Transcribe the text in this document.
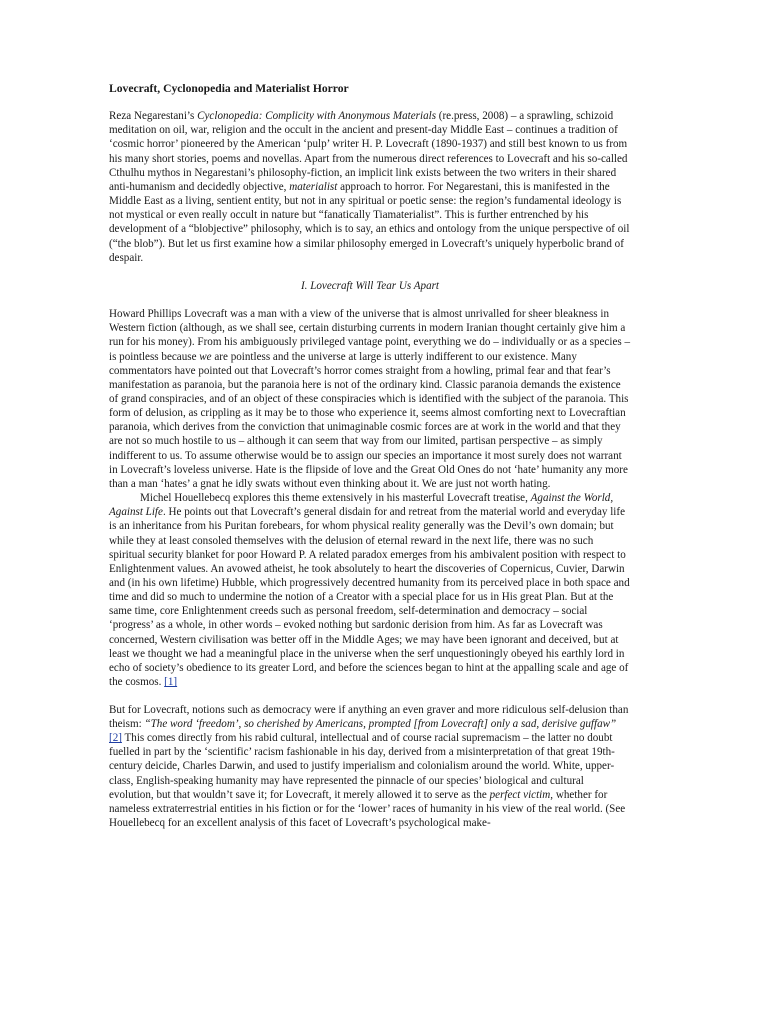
Lovecraft, Cyclonopedia and Materialist Horror

Reza Negarestani’s Cyclonopedia: Complicity with Anonymous Materials (re.press, 2008) – a sprawling, schizoid meditation on oil, war, religion and the occult in the ancient and present-day Middle East – continues a tradition of ‘cosmic horror’ pioneered by the American ‘pulp’ writer H. P. Lovecraft (1890-1937) and still best known to us from his many short stories, poems and novellas. Apart from the numerous direct references to Lovecraft and his so-called Cthulhu mythos in Negarestani’s philosophy-fiction, an implicit link exists between the two writers in their shared anti-humanism and decidedly objective, materialist approach to horror. For Negarestani, this is manifested in the Middle East as a living, sentient entity, but not in any spiritual or poetic sense: the region’s fundamental ideology is not mystical or even really occult in nature but “fanatically Tiamaterialist”. This is further entrenched by his development of a “blobjective” philosophy, which is to say, an ethics and ontology from the unique perspective of oil (“the blob”). But let us first examine how a similar philosophy emerged in Lovecraft’s uniquely hyperbolic brand of despair.

I. Lovecraft Will Tear Us Apart

Howard Phillips Lovecraft was a man with a view of the universe that is almost unrivalled for sheer bleakness in Western fiction (although, as we shall see, certain disturbing currents in modern Iranian thought certainly give him a run for his money). From his ambiguously privileged vantage point, everything we do – individually or as a species – is pointless because we are pointless and the universe at large is utterly indifferent to our existence. Many commentators have pointed out that Lovecraft’s horror comes straight from a howling, primal fear and that fear’s manifestation as paranoia, but the paranoia here is not of the ordinary kind. Classic paranoia demands the existence of grand conspiracies, and of an object of these conspiracies which is identified with the subject of the paranoia. This form of delusion, as crippling as it may be to those who experience it, seems almost comforting next to Lovecraftian paranoia, which derives from the conviction that unimaginable cosmic forces are at work in the world and that they are not so much hostile to us – although it can seem that way from our limited, partisan perspective – as simply indifferent to us. To assume otherwise would be to assign our species an importance it most surely does not warrant in Lovecraft’s loveless universe. Hate is the flipside of love and the Great Old Ones do not ‘hate’ humanity any more than a man ‘hates’ a gnat he idly swats without even thinking about it. We are just not worth hating.

Michel Houellebecq explores this theme extensively in his masterful Lovecraft treatise, Against the World, Against Life. He points out that Lovecraft’s general disdain for and retreat from the material world and everyday life is an inheritance from his Puritan forebears, for whom physical reality generally was the Devil’s own domain; but while they at least consoled themselves with the delusion of eternal reward in the next life, there was no such spiritual security blanket for poor Howard P. A related paradox emerges from his ambivalent position with respect to Enlightenment values. An avowed atheist, he took absolutely to heart the discoveries of Copernicus, Cuvier, Darwin and (in his own lifetime) Hubble, which progressively decentred humanity from its perceived place in both space and time and did so much to undermine the notion of a Creator with a special place for us in His great Plan. But at the same time, core Enlightenment creeds such as personal freedom, self-determination and democracy – social ‘progress’ as a whole, in other words – evoked nothing but sardonic derision from him. As far as Lovecraft was concerned, Western civilisation was better off in the Middle Ages; we may have been ignorant and deceived, but at least we thought we had a meaningful place in the universe when the serf unquestioningly obeyed his earthly lord in echo of society’s obedience to its greater Lord, and before the sciences began to hint at the appalling scale and age of the cosmos. [1]

But for Lovecraft, notions such as democracy were if anything an even graver and more ridiculous self-delusion than theism: “The word ‘freedom’, so cherished by Americans, prompted [from Lovecraft] only a sad, derisive guffaw” [2] This comes directly from his rabid cultural, intellectual and of course racial supremacism – the latter no doubt fuelled in part by the ‘scientific’ racism fashionable in his day, derived from a misinterpretation of that great 19th-century deicide, Charles Darwin, and used to justify imperialism and colonialism around the world. White, upper-class, English-speaking humanity may have represented the pinnacle of our species’ biological and cultural evolution, but that wouldn’t save it; for Lovecraft, it merely allowed it to serve as the perfect victim, whether for nameless extraterrestrial entities in his fiction or for the ‘lower’ races of humanity in his view of the real world. (See Houellebecq for an excellent analysis of this facet of Lovecraft’s psychological make-
